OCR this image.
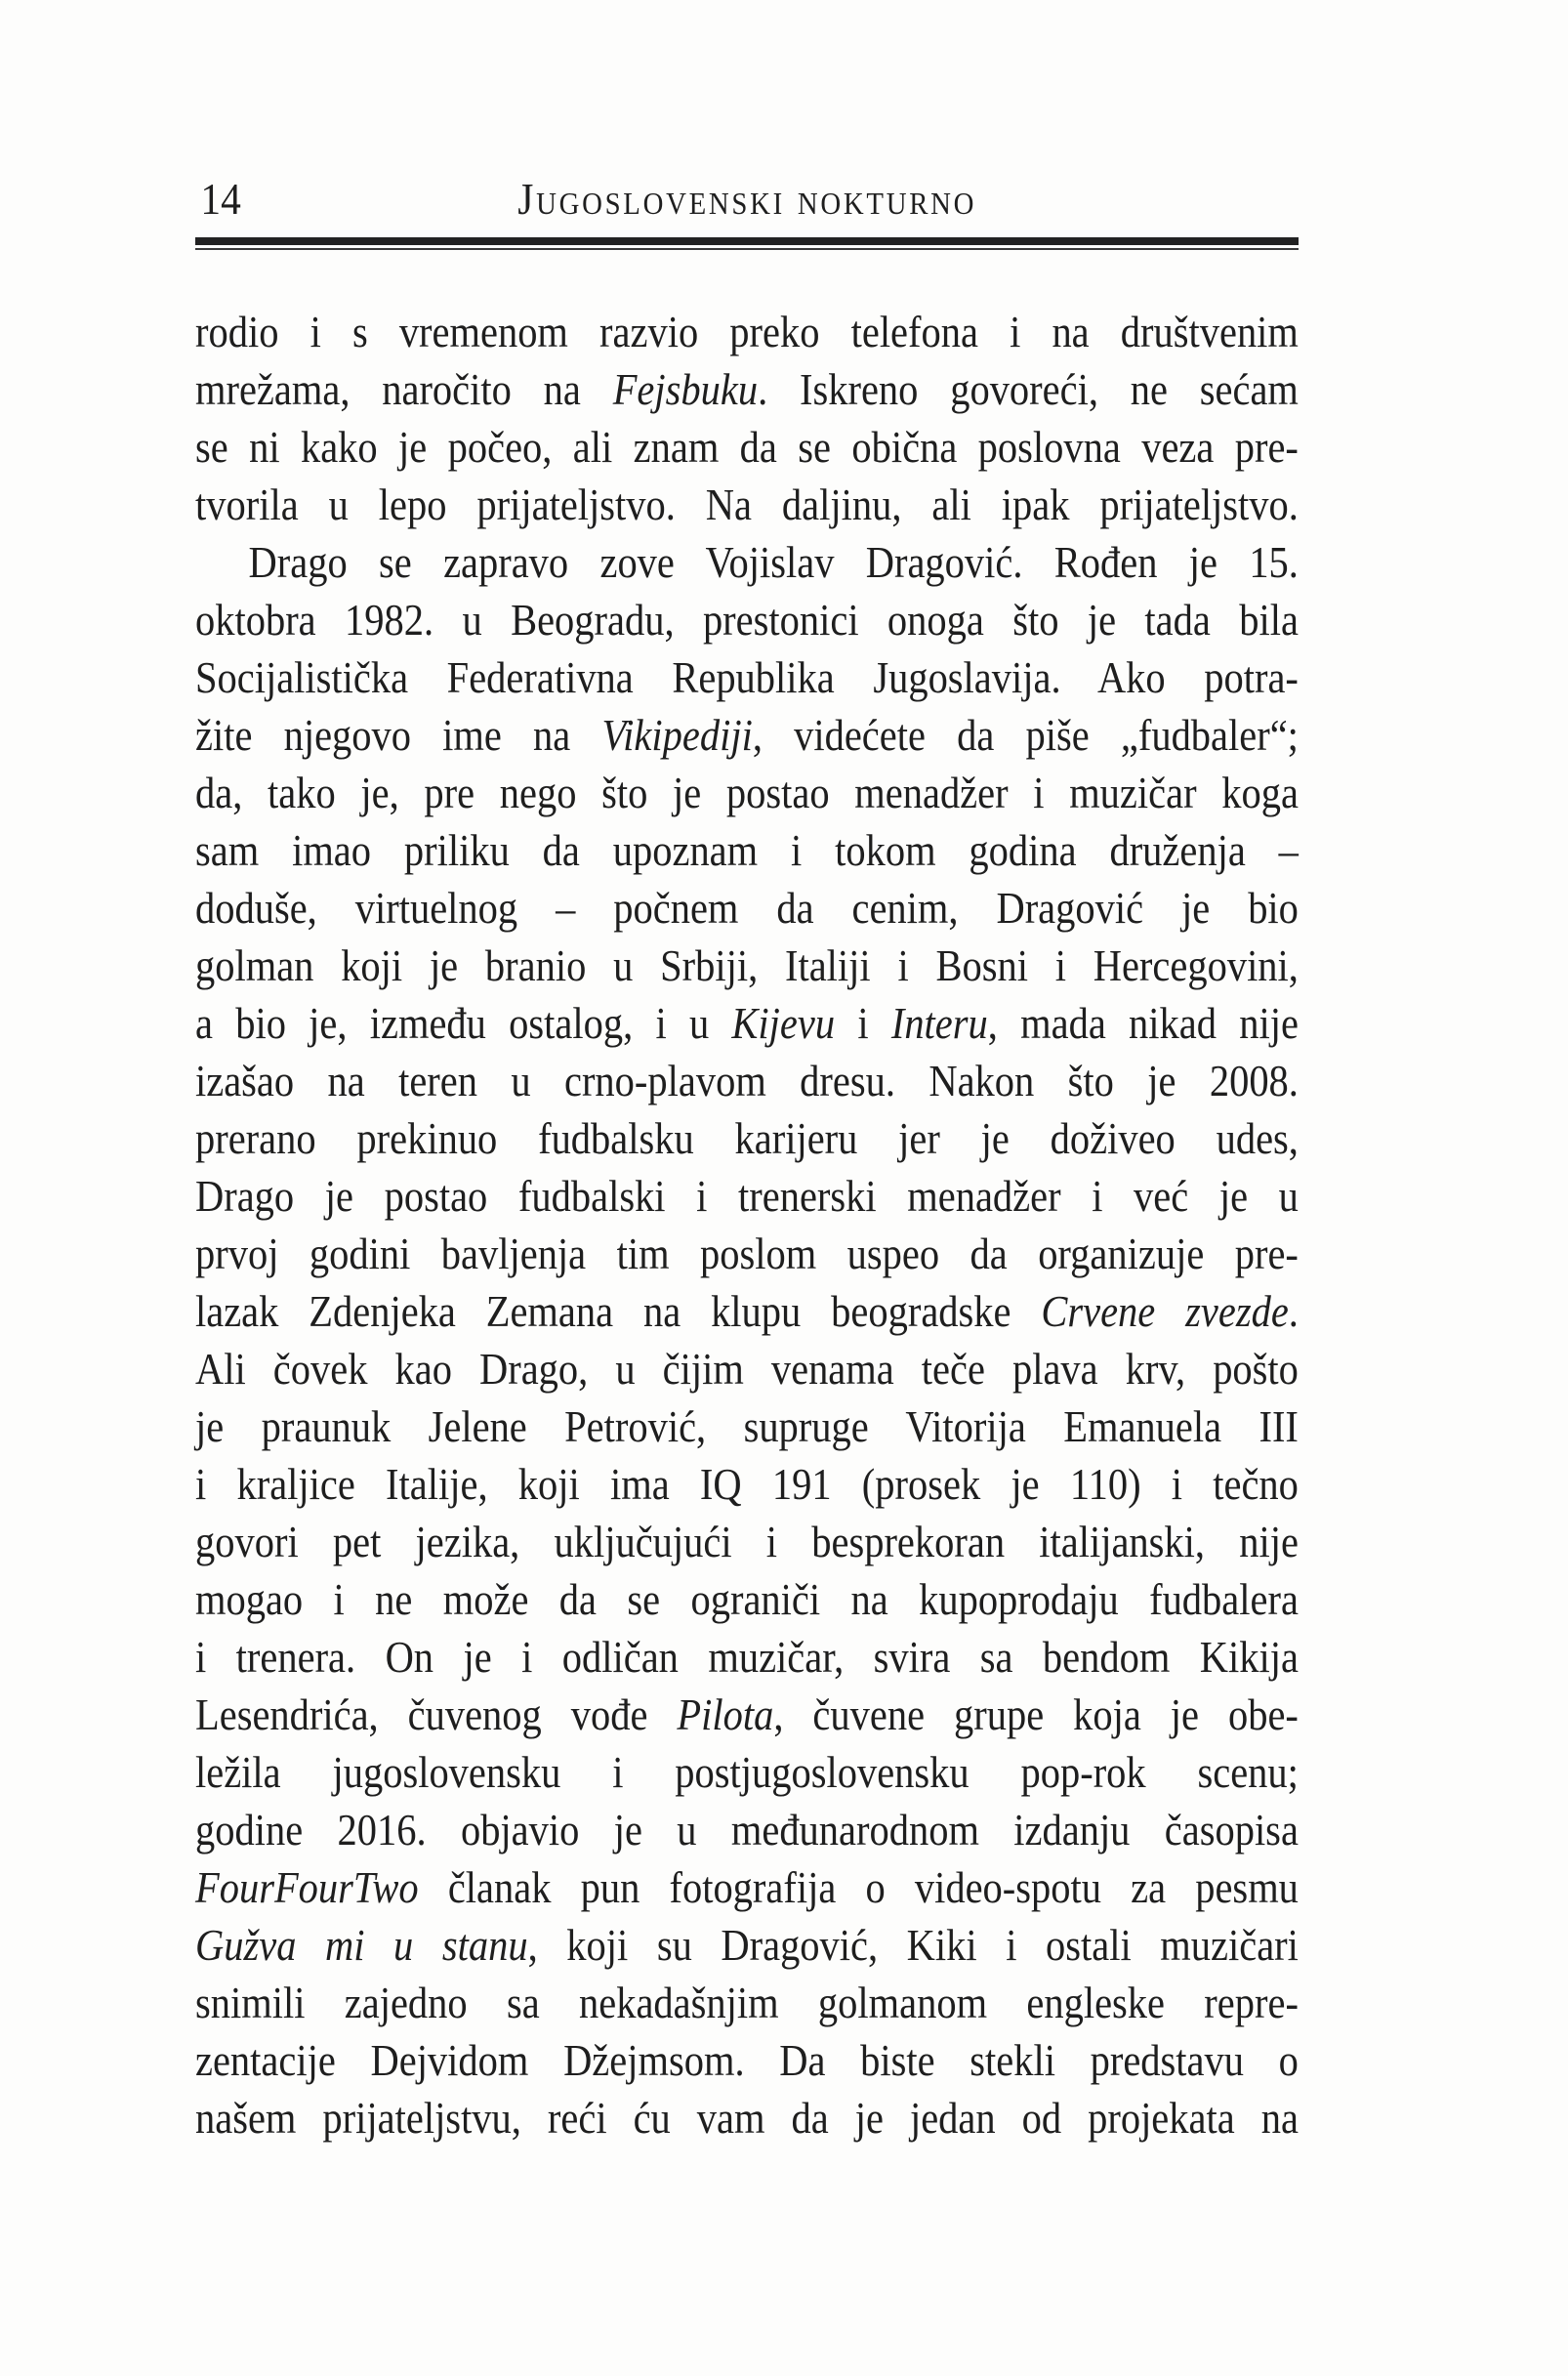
14	Jugoslovenski nokturno
rodio i s vremenom razvio preko telefona i na društvenim
mrežama, naročito na Fejsbuku. Iskreno govoreći, ne sećam
se ni kako je počeo, ali znam da se obična poslovna veza pre-
tvorila u lepo prijateljstvo. Na daljinu, ali ipak prijateljstvo.
Drago se zapravo zove Vojislav Dragović. Rođen je 15.
oktobra 1982. u Beogradu, prestonici onoga što je tada bila
Socijalistička Federativna Republika Jugoslavija. Ako potra-
žite njegovo ime na Vikipediji, videćete da piše „fudbaler“;
da, tako je, pre nego što je postao menadžer i muzičar koga
sam imao priliku da upoznam i tokom godina druženja –
doduše, virtuelnog – počnem da cenim, Dragović je bio
golman koji je branio u Srbiji, Italiji i Bosni i Hercegovini,
a bio je, između ostalog, i u Kijevu i Interu, mada nikad nije
izašao na teren u crno-plavom dresu. Nakon što je 2008.
prerano prekinuo fudbalsku karijeru jer je doživeo udes,
Drago je postao fudbalski i trenerski menadžer i već je u
prvoj godini bavljenja tim poslom uspeo da organizuje pre-
lazak Zdenjeka Zemana na klupu beogradske Crvene zvezde.
Ali čovek kao Drago, u čijim venama teče plava krv, pošto
je praunuk Jelene Petrović, supruge Vitorija Emanuela III
i kraljice Italije, koji ima IQ 191 (prosek je 110) i tečno
govori pet jezika, uključujući i besprekoran italijanski, nije
mogao i ne može da se ograniči na kupoprodaju fudbalera
i trenera. On je i odličan muzičar, svira sa bendom Kikija
Lesendrića, čuvenog vođe Pilota, čuvene grupe koja je obe-
ležila jugoslovensku i postjugoslovensku pop-rok scenu;
godine 2016. objavio je u međunarodnom izdanju časopisa
FourFourTwo članak pun fotografija o video-spotu za pesmu
Gužva mi u stanu, koji su Dragović, Kiki i ostali muzičari
snimili zajedno sa nekadašnjim golmanom engleske repre-
zentacije Dejvidom Džejmsom. Da biste stekli predstavu o
našem prijateljstvu, reći ću vam da je jedan od projekata na
